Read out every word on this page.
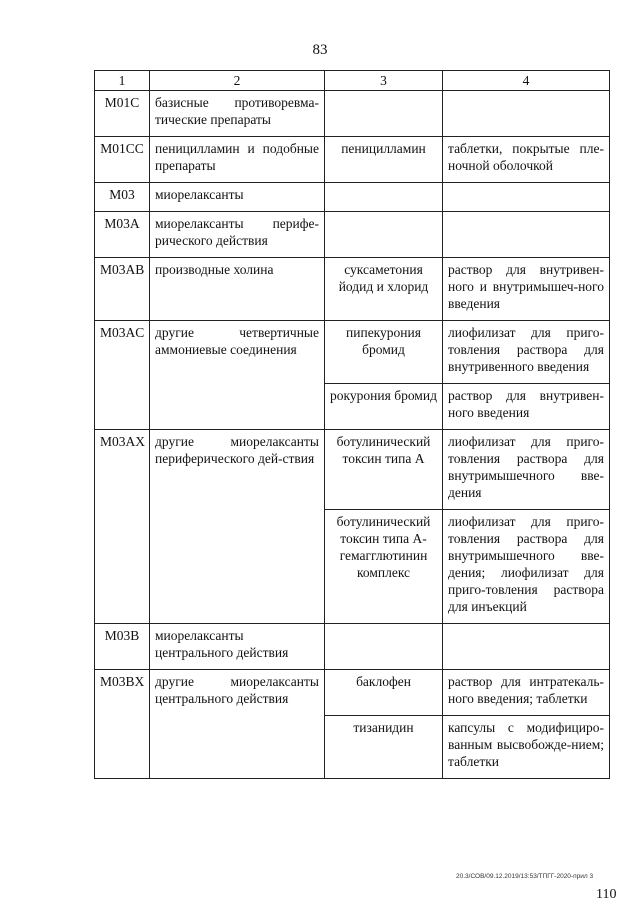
83
1	2	3	4
M01C	базисные противоревма-тические препараты		
M01CC	пеницилламин и подобные препараты	пеницилламин	таблетки, покрытые пле-ночной оболочкой
M03	миорелаксанты		
M03A	миорелаксанты перифе-рического действия		
M03AB	производные холина	суксаметония йодид и хлорид	раствор для внутривен-ного и внутримышеч-ного введения
M03AC	другие четвертичные аммониевые соединения	пипекурония бромид	лиофилизат для приго-товления раствора для внутривенного введения
		рокурония бромид	раствор для внутривен-ного введения
M03AX	другие миорелаксанты периферического дей-ствия	ботулинический токсин типа A	лиофилизат для приго-товления раствора для внутримышечного вве-дения
		ботулинический токсин типа A-гемагглютинин комплекс	лиофилизат для приго-товления раствора для внутримышечного вве-дения; лиофилизат для приго-товления раствора для инъекций
M03B	миорелаксанты центрального действия		
M03BX	другие миорелаксанты центрального действия	баклофен	раствор для интратекаль-ного введения; таблетки
		тизанидин	капсулы с модифициро-ванным высвобожде-нием; таблетки
20.3/СОВ/09.12.2019/13:53/ТПГГ-2020-прил 3
110
